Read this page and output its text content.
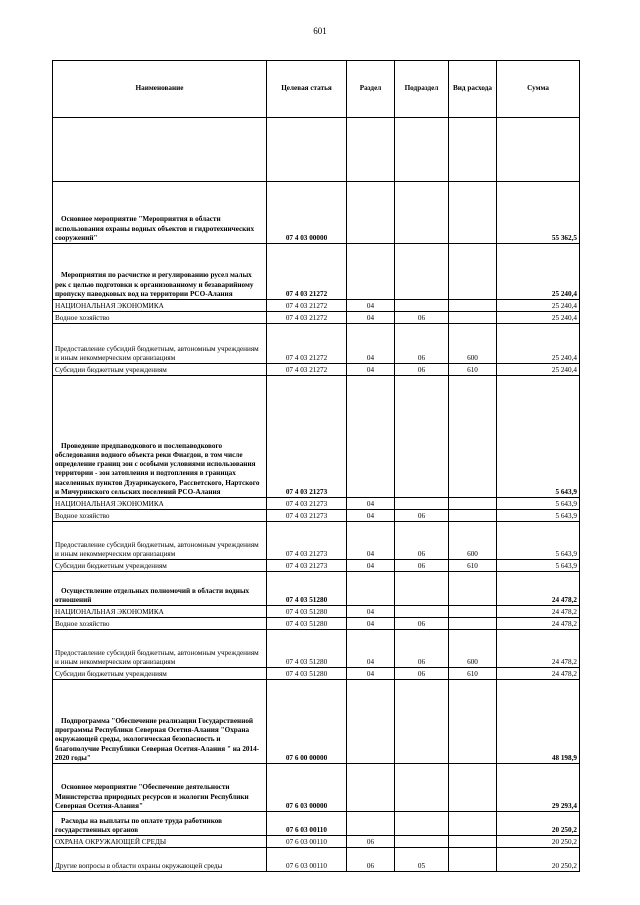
601
Наименование	Целевая статья	Раздел	Подраздел	Вид расхода	Сумма

Основное мероприятие "Мероприятия в области использования охраны водных объектов и гидротехнических сооружений"	07 4 03 00000				55 362,5
Мероприятия по расчистке и регулированию русел малых рек с целью подготовки к организованному и безаварийному пропуску паводковых вод на территории РСО-Алания	07 4 03 21272				25 240,4
НАЦИОНАЛЬНАЯ ЭКОНОМИКА	07 4 03 21272	04			25 240,4
Водное хозяйство	07 4 03 21272	04	06		25 240,4
Предоставление субсидий бюджетным, автономным учреждениям и иным некоммерческим организациям	07 4 03 21272	04	06	600	25 240,4
Субсидии бюджетным учреждениям	07 4 03 21272	04	06	610	25 240,4
Проведение предпаводкового и послепаводкового обследования водного объекта реки Фиагдон, в том числе определение границ зон с особыми условиями использования территории - зон затопления и подтопления в границах населенных пунктов Дзуарикауского, Рассветского, Нартского и Мичуринского сельских поселений РСО-Алания	07 4 03 21273				5 643,9
НАЦИОНАЛЬНАЯ ЭКОНОМИКА	07 4 03 21273	04			5 643,9
Водное хозяйство	07 4 03 21273	04	06		5 643,9
Предоставление субсидий бюджетным, автономным учреждениям и иным некоммерческим организациям	07 4 03 21273	04	06	600	5 643,9
Субсидии бюджетным учреждениям	07 4 03 21273	04	06	610	5 643,9
Осуществление отдельных полномочий в области водных отношений	07 4 03 51280				24 478,2
НАЦИОНАЛЬНАЯ ЭКОНОМИКА	07 4 03 51280	04			24 478,2
Водное хозяйство	07 4 03 51280	04	06		24 478,2
Предоставление субсидий бюджетным, автономным учреждениям и иным некоммерческим организациям	07 4 03 51280	04	06	600	24 478,2
Субсидии бюджетным учреждениям	07 4 03 51280	04	06	610	24 478,2
Подпрограмма "Обеспечение реализации Государственной программы Республики Северная Осетия-Алания "Охрана окружающей среды, экологическая безопасность и благополучие Республики Северная Осетия-Алания " на 2014-2020 годы"	07 6 00 00000				48 198,9
Основное мероприятие "Обеспечение деятельности Министерства природных ресурсов и экологии Республики Северная Осетия-Алания"	07 6 03 00000				29 293,4
Расходы на выплаты по оплате труда работников государственных органов	07 6 03 00110				20 250,2
ОХРАНА ОКРУЖАЮЩЕЙ СРЕДЫ	07 6 03 00110	06			20 250,2
Другие вопросы в области охраны окружающей среды	07 6 03 00110	06	05		20 250,2
